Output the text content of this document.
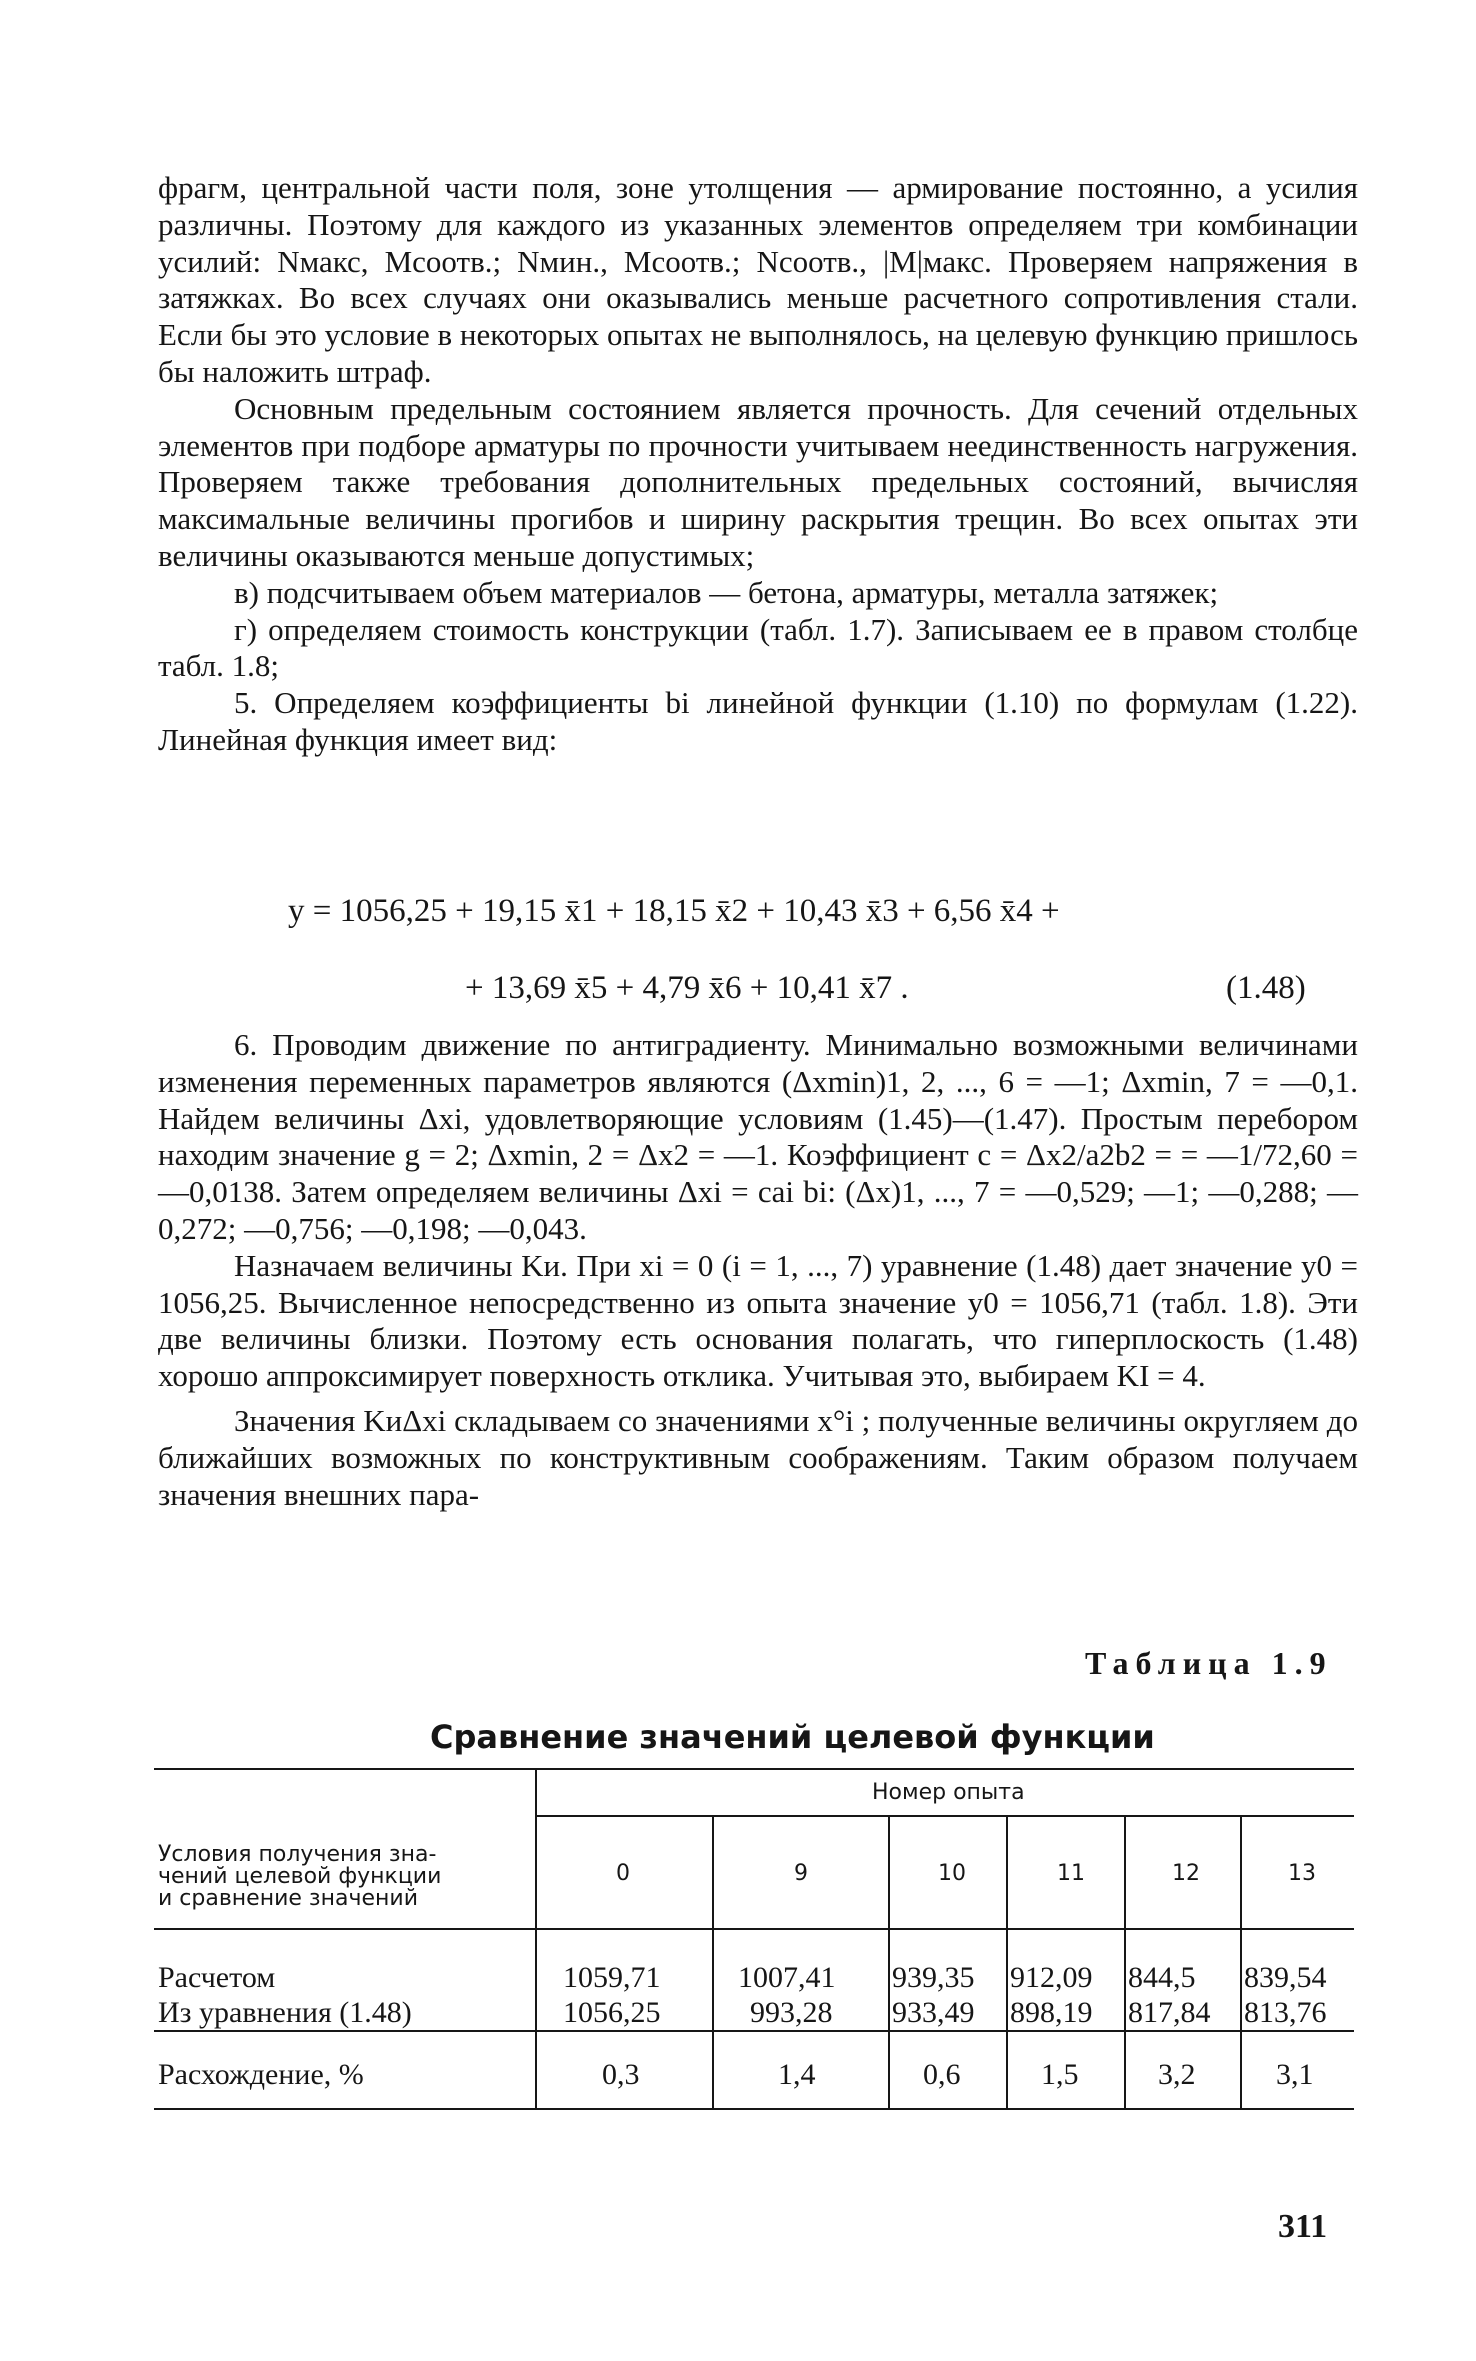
фрагм, центральной части поля, зоне утолщения — армирование постоянно, а усилия различны. Поэтому для каждого из указанных элементов определяем три комбинации усилий: Nмакс, Mсоотв.; Nмин., Mсоотв.; Nсоотв., |M|макс. Проверяем напряжения в затяжках. Во всех случаях они оказывались меньше расчетного сопротивления стали. Если бы это условие в некоторых опытах не выполнялось, на целевую функцию пришлось бы наложить штраф.

Основным предельным состоянием является прочность. Для сечений отдельных элементов при подборе арматуры по прочности учитываем неединственность нагружения. Проверяем также требования дополнительных предельных состояний, вычисляя максимальные величины прогибов и ширину раскрытия трещин. Во всех опытах эти величины оказываются меньше допустимых;

в) подсчитываем объем материалов — бетона, арматуры, металла затяжек;

г) определяем стоимость конструкции (табл. 1.7). Записываем ее в правом столбце табл. 1.8;

5. Определяем коэффициенты bi линейной функции (1.10) по формулам (1.22). Линейная функция имеет вид:

y = 1056,25 + 19,15 x̄1 + 18,15 x̄2 + 10,43 x̄3 + 6,56 x̄4 +
+ 13,69 x̄5 + 4,79 x̄6 + 10,41 x̄7 .	(1.48)

6. Проводим движение по антиградиенту. Минимально возможными величинами изменения переменных параметров являются (Δxmin)1, 2, ..., 6 = —1; Δxmin, 7 = —0,1. Найдем величины Δxi, удовлетворяющие условиям (1.45)—(1.47). Простым перебором находим значение g = 2; Δxmin, 2 = Δx2 = —1. Коэффициент c = Δx2/a2b2 = = —1/72,60 = —0,0138. Затем определяем величины Δxi = cai bi: (Δx)1, ..., 7 = —0,529; —1; —0,288; —0,272; —0,756; —0,198; —0,043.

Назначаем величины Kи. При xi = 0 (i = 1, ..., 7) уравнение (1.48) дает значение y0 = 1056,25. Вычисленное непосредственно из опыта значение y0 = 1056,71 (табл. 1.8). Эти две величины близки. Поэтому есть основания полагать, что гиперплоскость (1.48) хорошо аппроксимирует поверхность отклика. Учитывая это, выбираем KI = 4.

Значения KиΔxi складываем со значениями x°i ; полученные величины округляем до ближайших возможных по конструктивным соображениям. Таким образом получаем значения внешних пара-

Таблица 1.9
Сравнение значений целевой функции
Условия получения зна-
чений целевой функции
и сравнение значений
Номер опыта
0	9	10	11	12	13
Расчетом	1059,71	1007,41 939,35 912,09 844,5 839,54
Из уравнения (1.48)	1056,25	993,28 933,49 898,19 817,84 813,76
Расхождение, %	0,3	1,4	0,6	1,5	3,2	3,1
311
